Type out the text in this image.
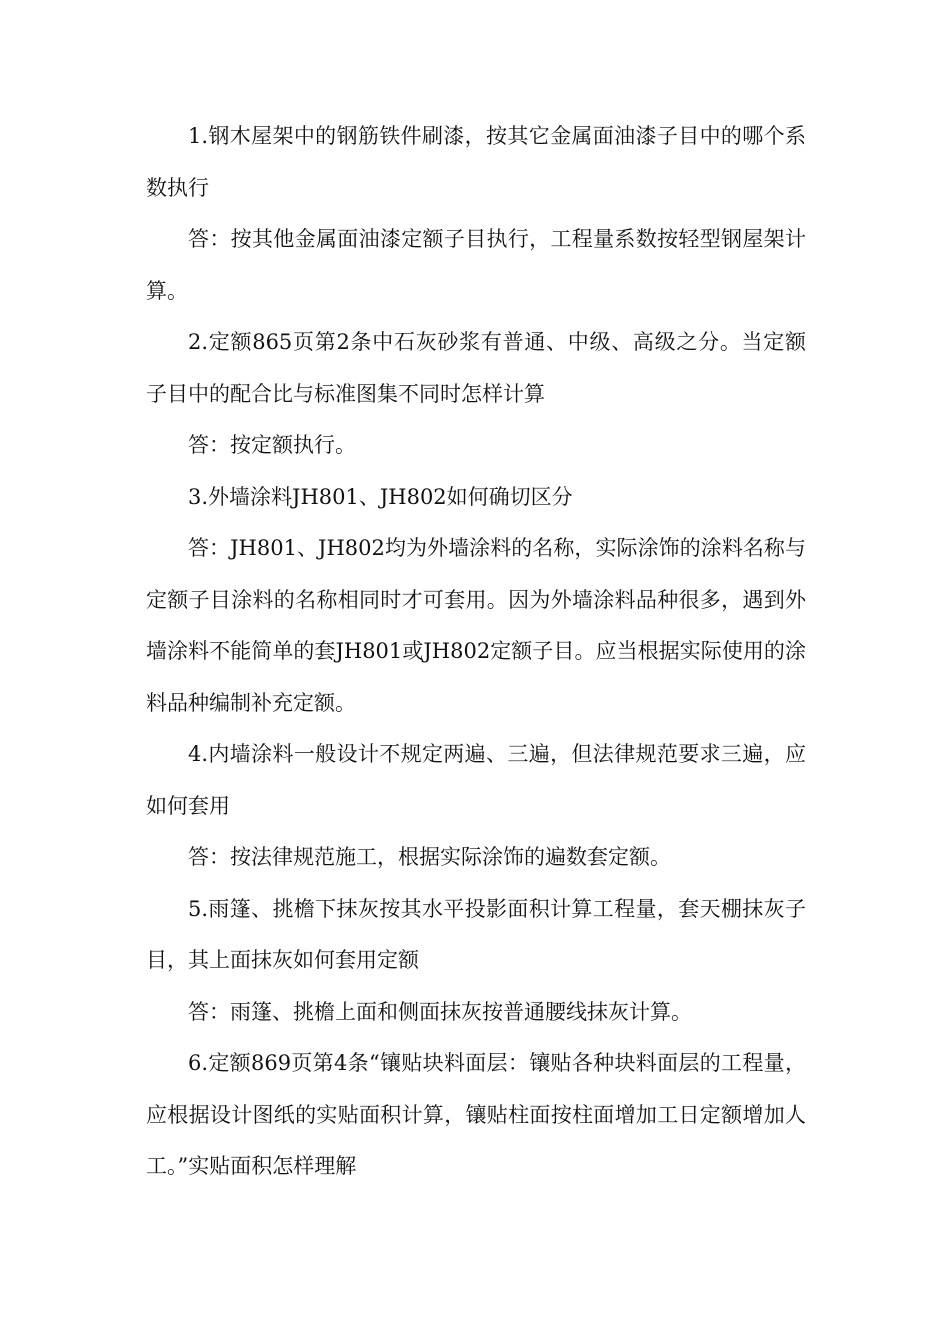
1.钢木屋架中的钢筋铁件刷漆，按其它金属面油漆子目中的哪个系数执行

答：按其他金属面油漆定额子目执行，工程量系数按轻型钢屋架计算。

2.定额865页第2条中石灰砂浆有普通、中级、高级之分。当定额子目中的配合比与标准图集不同时怎样计算

答：按定额执行。

3.外墙涂料JH801、JH802如何确切区分

答：JH801、JH802均为外墙涂料的名称，实际涂饰的涂料名称与定额子目涂料的名称相同时才可套用。因为外墙涂料品种很多，遇到外墙涂料不能简单的套JH801或JH802定额子目。应当根据实际使用的涂料品种编制补充定额。

4.内墙涂料一般设计不规定两遍、三遍，但法律规范要求三遍，应如何套用

答：按法律规范施工，根据实际涂饰的遍数套定额。

5.雨篷、挑檐下抹灰按其水平投影面积计算工程量，套天棚抹灰子目，其上面抹灰如何套用定额

答：雨篷、挑檐上面和侧面抹灰按普通腰线抹灰计算。

6.定额869页第4条“镶贴块料面层：镶贴各种块料面层的工程量，应根据设计图纸的实贴面积计算，镶贴柱面按柱面增加工日定额增加人工。”实贴面积怎样理解
